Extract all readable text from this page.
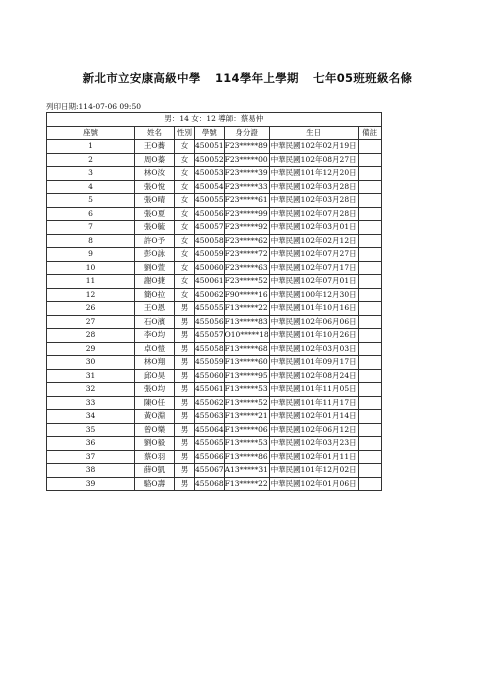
新北市立安康高級中學 114學年上學期 七年05班班級名條
列印日期:114-07-06 09:50
男：14 女：12 導師：蔡易仲						
座號	姓名	性別	學號	身分證	生日	備註
1	王O蕎	女	450051	F23*****89	中華民國102年02月19日	
2	周O蓁	女	450052	F23*****00	中華民國102年08月27日	
3	林O汝	女	450053	F23*****39	中華民國101年12月20日	
4	張O悅	女	450054	F23*****33	中華民國102年03月28日	
5	張O晴	女	450055	F23*****61	中華民國102年03月28日	
6	張O夏	女	450056	F23*****99	中華民國102年07月28日	
7	張O毓	女	450057	F23*****92	中華民國102年03月01日	
8	許O予	女	450058	F23*****62	中華民國102年02月12日	
9	彭O詠	女	450059	F23*****72	中華民國102年07月27日	
10	劉O萱	女	450060	F23*****63	中華民國102年07月17日	
11	謝O捷	女	450061	F23*****52	中華民國102年07月01日	
12	簡O拉	女	450062	F90*****16	中華民國100年12月30日	
26	王O恩	男	455055	F13*****22	中華民國101年10月16日	
27	石O濱	男	455056	F13*****83	中華民國102年06月06日	
28	李O均	男	455057	O10*****18	中華民國101年10月26日	
29	卓O愷	男	455058	F13*****68	中華民國102年03月03日	
30	林O翔	男	455059	F13*****60	中華民國101年09月17日	
31	邱O昊	男	455060	F13*****95	中華民國102年08月24日	
32	張O均	男	455061	F13*****53	中華民國101年11月05日	
33	陳O任	男	455062	F13*****52	中華民國101年11月17日	
34	黃O淵	男	455063	F13*****21	中華民國102年01月14日	
35	曾O樂	男	455064	F13*****06	中華民國102年06月12日	
36	劉O毅	男	455065	F13*****53	中華民國102年03月23日	
37	蔡O羽	男	455066	F13*****86	中華民國102年01月11日	
38	薛O凱	男	455067	A13*****31	中華民國101年12月02日	
39	駱O壽	男	455068	F13*****22	中華民國102年01月06日	
